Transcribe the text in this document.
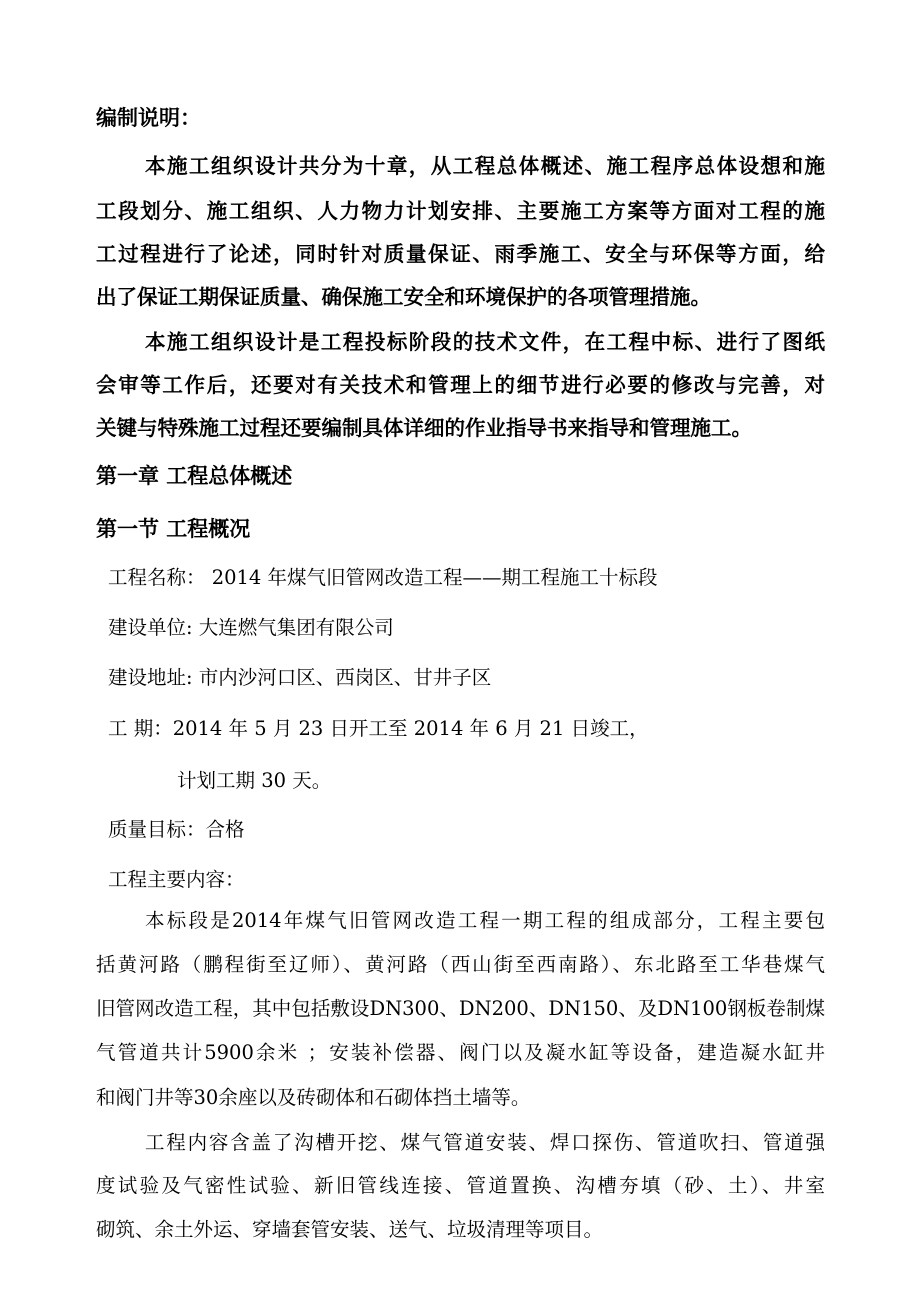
编制说明：
本施工组织设计共分为十章，从工程总体概述、施工程序总体设想和施
工段划分、施工组织、人力物力计划安排、主要施工方案等方面对工程的施
工过程进行了论述，同时针对质量保证、雨季施工、安全与环保等方面，给
出了保证工期保证质量、确保施工安全和环境保护的各项管理措施。
本施工组织设计是工程投标阶段的技术文件，在工程中标、进行了图纸
会审等工作后，还要对有关技术和管理上的细节进行必要的修改与完善，对
关键与特殊施工过程还要编制具体详细的作业指导书来指导和管理施工。
第一章 工程总体概述
第一节 工程概况
工程名称： 2014 年煤气旧管网改造工程——期工程施工十标段
建设单位: 大连燃气集团有限公司
建设地址: 市内沙河口区、西岗区、甘井子区
工 期：2014 年 5 月 23 日开工至 2014 年 6 月 21 日竣工，
计划工期 30 天。
质量目标：合格
工程主要内容：
本标段是2014年煤气旧管网改造工程一期工程的组成部分，工程主要包
括黄河路（鹏程街至辽师）、黄河路（西山街至西南路）、东北路至工华巷煤气
旧管网改造工程，其中包括敷设DN300、DN200、DN150、及DN100钢板卷制煤
气管道共计5900余米 ；安装补偿器、阀门以及凝水缸等设备，建造凝水缸井
和阀门井等30余座以及砖砌体和石砌体挡土墙等。
工程内容含盖了沟槽开挖、煤气管道安装、焊口探伤、管道吹扫、管道强
度试验及气密性试验、新旧管线连接、管道置换、沟槽夯填（砂、土）、井室
砌筑、余土外运、穿墙套管安装、送气、垃圾清理等项目。
